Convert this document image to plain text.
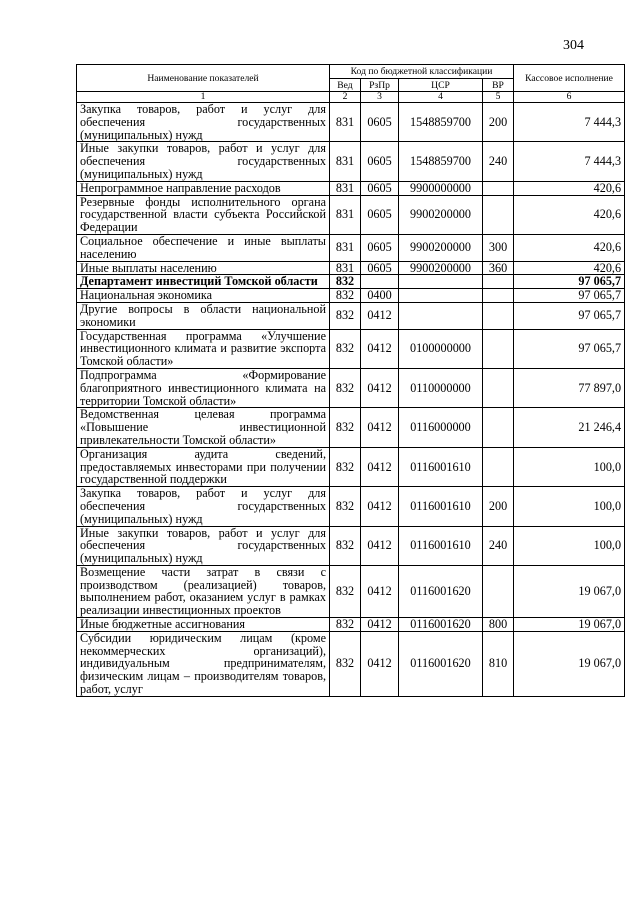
304
Наименование показателей	Код по бюджетной классификации				Кассовое исполнение
	Вед	РзПр	ЦСР	ВР	
1	2	3	4	5	6
Закупка товаров, работ и услуг для обеспечения государственных (муниципальных) нужд	831	0605	1548859700	200	7 444,3
Иные закупки товаров, работ и услуг для обеспечения государственных (муниципальных) нужд	831	0605	1548859700	240	7 444,3
Непрограммное направление расходов	831	0605	9900000000		420,6
Резервные фонды исполнительного органа государственной власти субъекта Российской Федерации	831	0605	9900200000		420,6
Социальное обеспечение и иные выплаты населению	831	0605	9900200000	300	420,6
Иные выплаты населению	831	0605	9900200000	360	420,6
Департамент инвестиций Томской области	832				97 065,7
Национальная экономика	832	0400			97 065,7
Другие вопросы в области национальной экономики	832	0412			97 065,7
Государственная программа «Улучшение инвестиционного климата и развитие экспорта Томской области»	832	0412	0100000000		97 065,7
Подпрограмма «Формирование благоприятного инвестиционного климата на территории Томской области»	832	0412	0110000000		77 897,0
Ведомственная целевая программа «Повышение инвестиционной привлекательности Томской области»	832	0412	0116000000		21 246,4
Организация аудита сведений, предоставляемых инвесторами при получении государственной поддержки	832	0412	0116001610		100,0
Закупка товаров, работ и услуг для обеспечения государственных (муниципальных) нужд	832	0412	0116001610	200	100,0
Иные закупки товаров, работ и услуг для обеспечения государственных (муниципальных) нужд	832	0412	0116001610	240	100,0
Возмещение части затрат в связи с производством (реализацией) товаров, выполнением работ, оказанием услуг в рамках реализации инвестиционных проектов	832	0412	0116001620		19 067,0
Иные бюджетные ассигнования	832	0412	0116001620	800	19 067,0
Субсидии юридическим лицам (кроме некоммерческих организаций), индивидуальным предпринимателям, физическим лицам – производителям товаров, работ, услуг	832	0412	0116001620	810	19 067,0
